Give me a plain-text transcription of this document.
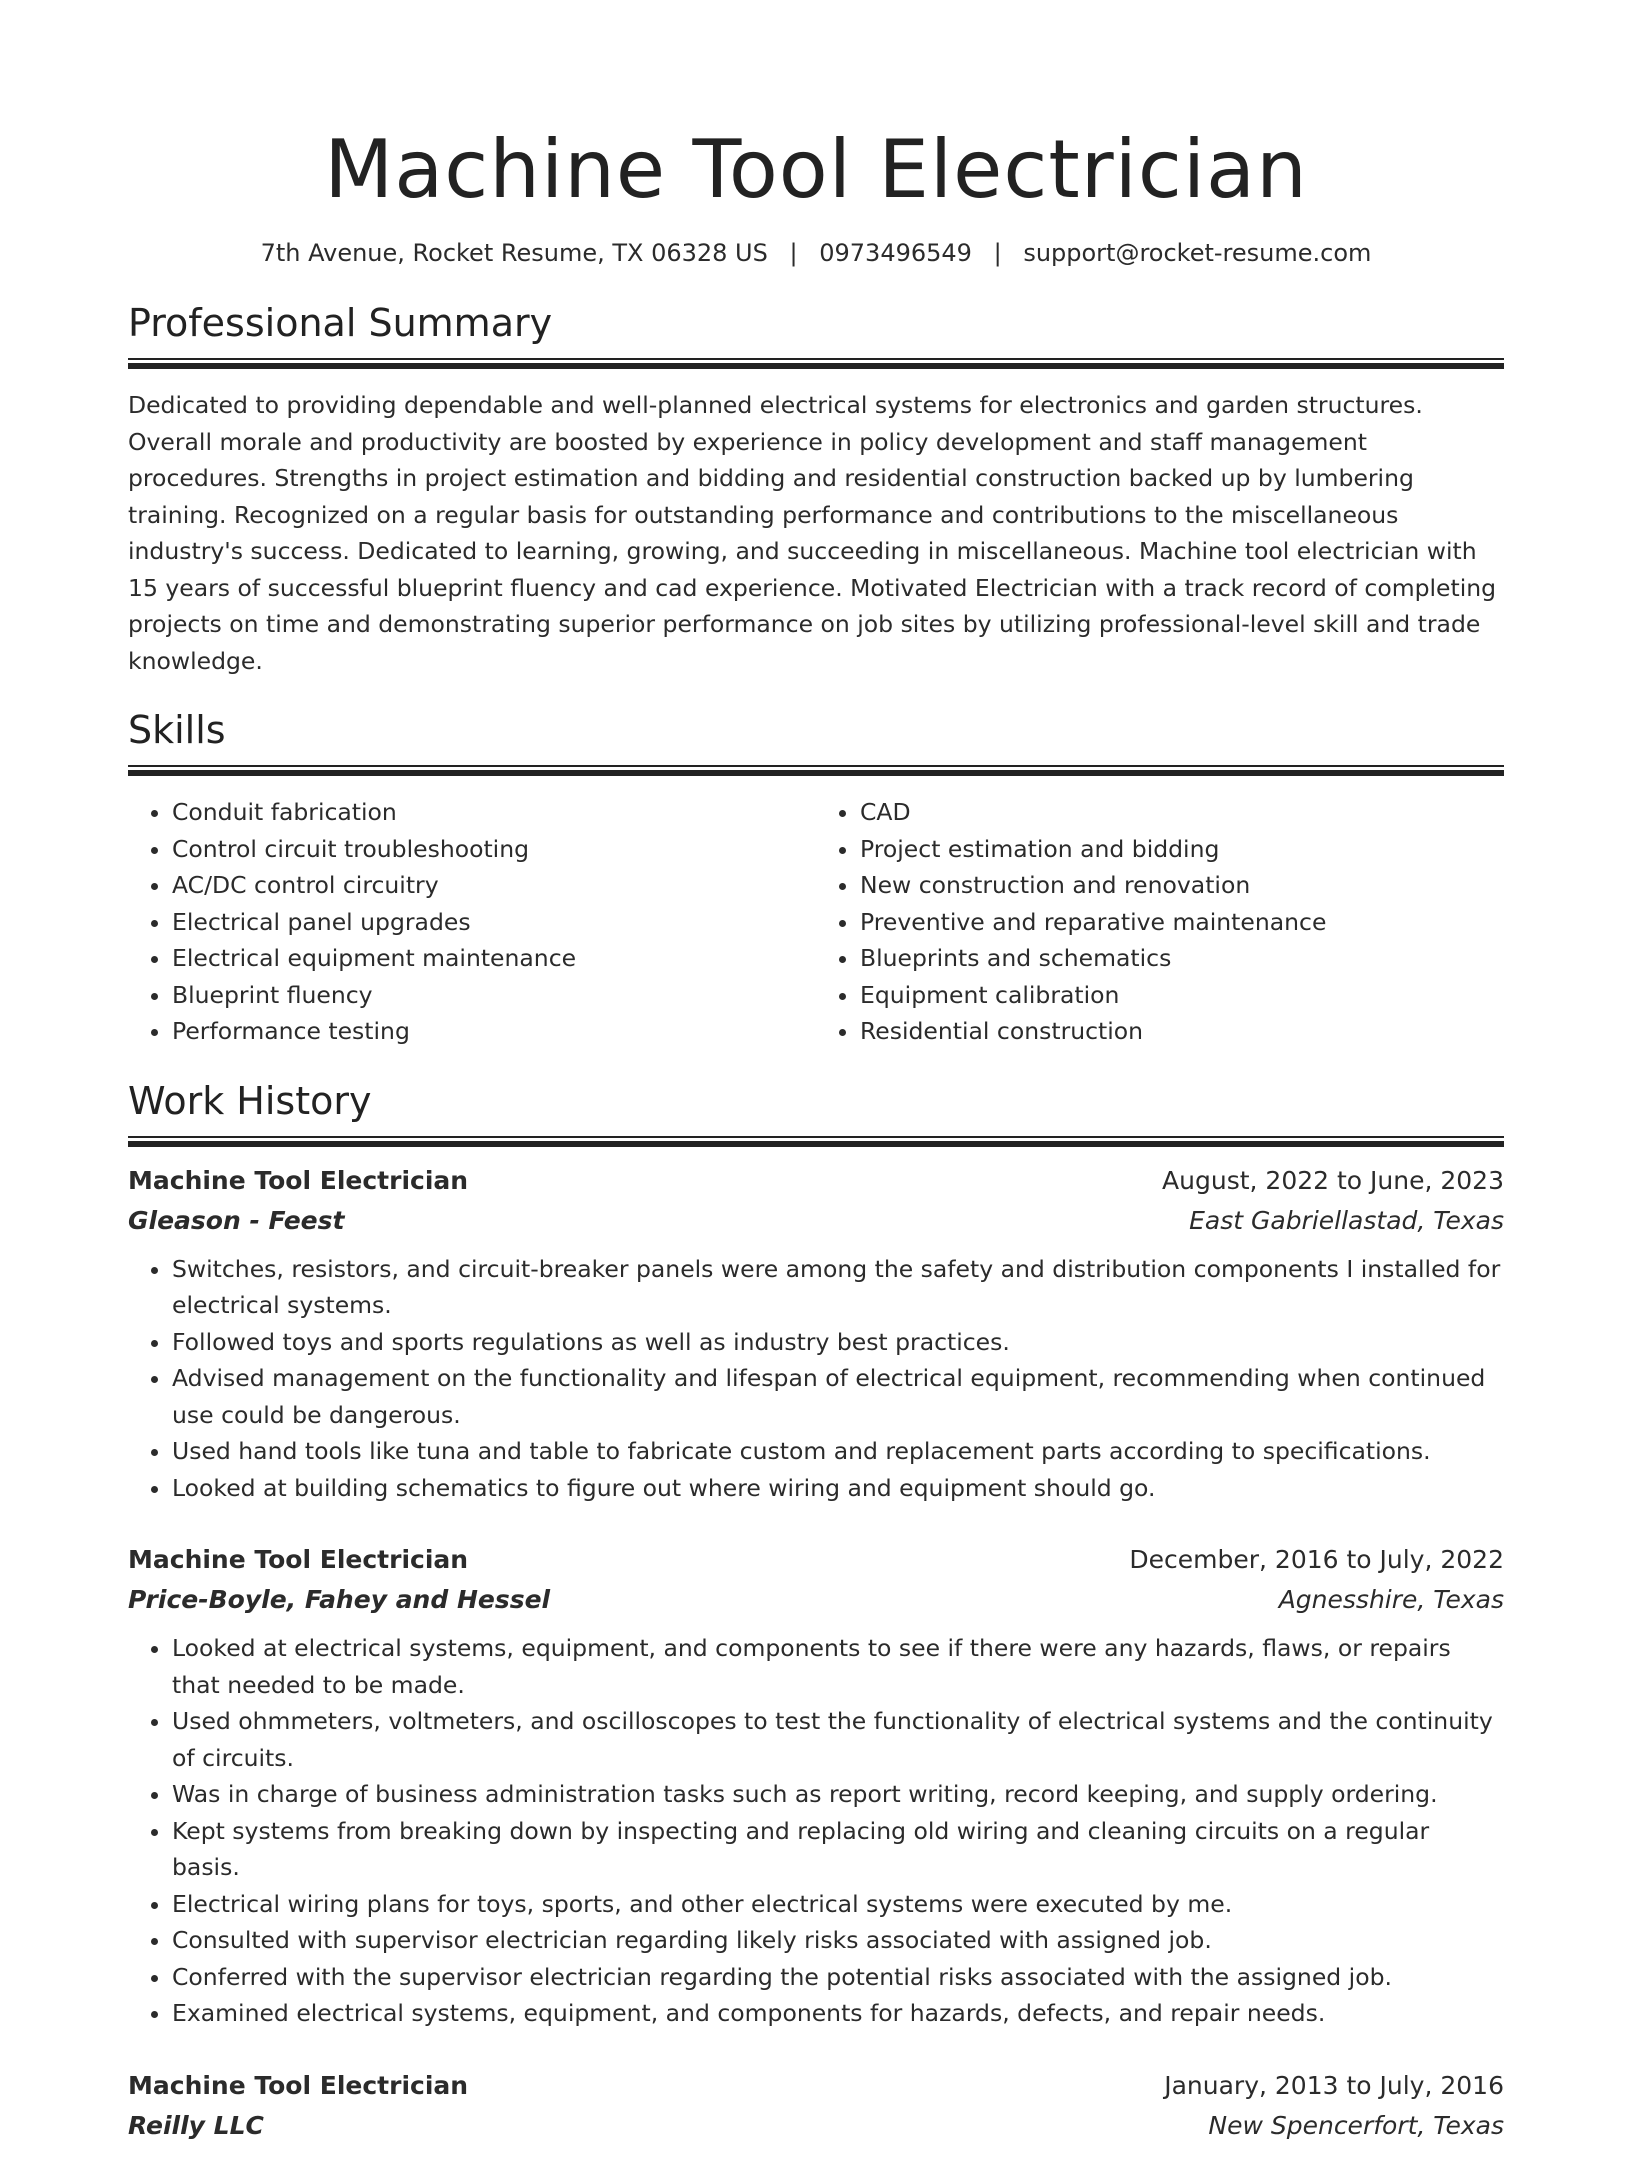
Machine Tool Electrician
7th Avenue, Rocket Resume, TX 06328 US | 0973496549 | support@rocket-resume.com
Professional Summary

Dedicated to providing dependable and well-planned electrical systems for electronics and garden structures. Overall morale and productivity are boosted by experience in policy development and staff management procedures. Strengths in project estimation and bidding and residential construction backed up by lumbering training. Recognized on a regular basis for outstanding performance and contributions to the miscellaneous industry's success. Dedicated to learning, growing, and succeeding in miscellaneous. Machine tool electrician with 15 years of successful blueprint fluency and cad experience. Motivated Electrician with a track record of completing projects on time and demonstrating superior performance on job sites by utilizing professional-level skill and trade knowledge.

Skills
• Conduit fabrication
• Control circuit troubleshooting
• AC/DC control circuitry
• Electrical panel upgrades
• Electrical equipment maintenance
• Blueprint fluency
• Performance testing
• CAD
• Project estimation and bidding
• New construction and renovation
• Preventive and reparative maintenance
• Blueprints and schematics
• Equipment calibration
• Residential construction
Work History
Machine Tool Electrician	August, 2022 to June, 2023
Gleason - Feest	East Gabriellastad, Texas
• Switches, resistors, and circuit-breaker panels were among the safety and distribution components I installed for electrical systems.
• Followed toys and sports regulations as well as industry best practices.
• Advised management on the functionality and lifespan of electrical equipment, recommending when continued use could be dangerous.
• Used hand tools like tuna and table to fabricate custom and replacement parts according to specifications.
• Looked at building schematics to figure out where wiring and equipment should go.
Machine Tool Electrician	December, 2016 to July, 2022
Price-Boyle, Fahey and Hessel	Agnesshire, Texas
• Looked at electrical systems, equipment, and components to see if there were any hazards, flaws, or repairs that needed to be made.
• Used ohmmeters, voltmeters, and oscilloscopes to test the functionality of electrical systems and the continuity of circuits.
• Was in charge of business administration tasks such as report writing, record keeping, and supply ordering.
• Kept systems from breaking down by inspecting and replacing old wiring and cleaning circuits on a regular basis.
• Electrical wiring plans for toys, sports, and other electrical systems were executed by me.
• Consulted with supervisor electrician regarding likely risks associated with assigned job.
• Conferred with the supervisor electrician regarding the potential risks associated with the assigned job.
• Examined electrical systems, equipment, and components for hazards, defects, and repair needs.
Machine Tool Electrician	January, 2013 to July, 2016
Reilly LLC	New Spencerfort, Texas
